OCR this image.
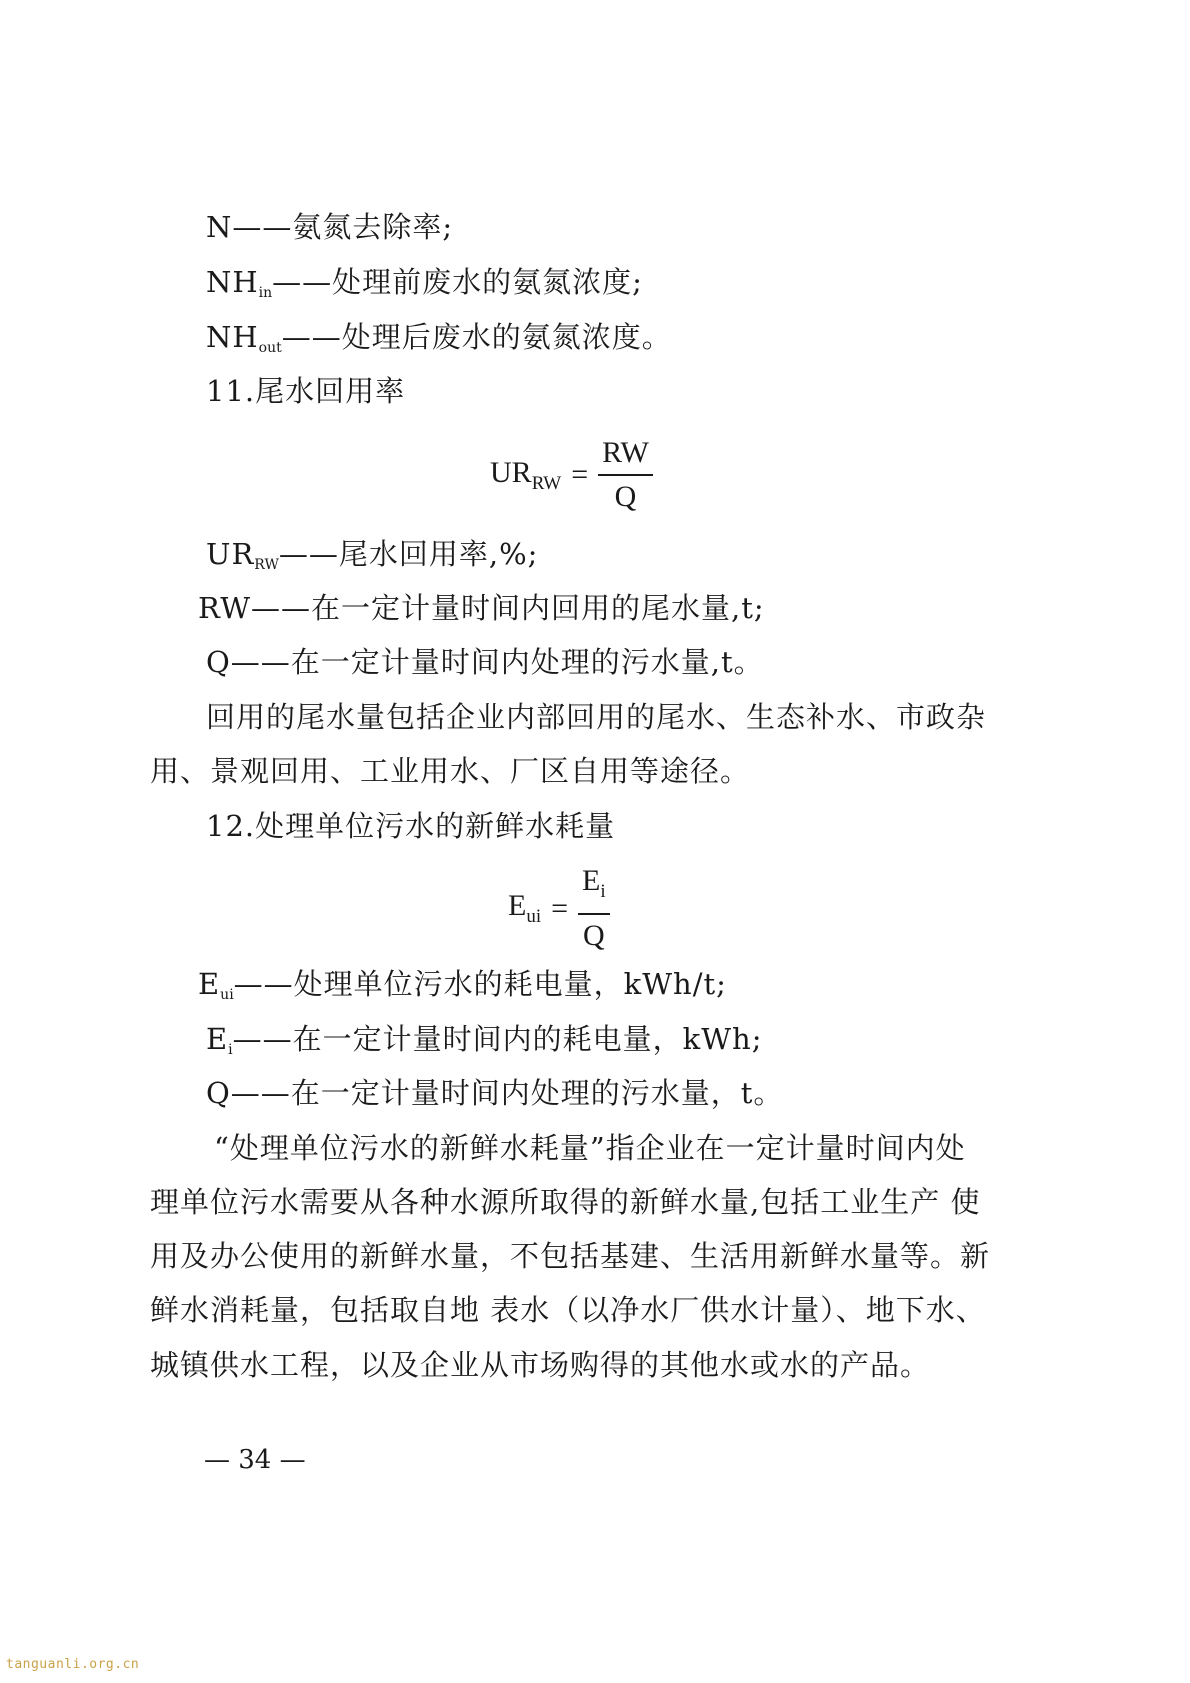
N——氨氮去除率;
$NH_{in}——$处理前废水的氨氮浓度;
$NH_{out}——$处理后废水的氨氮浓度。
11.尾水回用率
$UR_{RW} = \frac{RW}{Q}$
$UR_{RW}——$尾水回用率,%;
RW——在一定计量时间内回用的尾水量,t;
Q——在一定计量时间内处理的污水量,t。
回用的尾水量包括企业内部回用的尾水、生态补水、市政杂
用、景观回用、工业用水、厂区自用等途径。
12.处理单位污水的新鲜水耗量
$E_{ui} = \frac{E_i}{Q}$
$E_{ui}——$处理单位污水的耗电量，kWh/t;
$E_i——$在一定计量时间内的耗电量，kWh;
Q——在一定计量时间内处理的污水量，t。
“处理单位污水的新鲜水耗量”指企业在一定计量时间内处
理单位污水需要从各种水源所取得的新鲜水量,包括工业生产 使
用及办公使用的新鲜水量，不包括基建、生活用新鲜水量等。新
鲜水消耗量，包括取自地 表水（以净水厂供水计量）、地下水、
城镇供水工程，以及企业从市场购得的其他水或水的产品。
— 34 —
tanguanli.org.cn
